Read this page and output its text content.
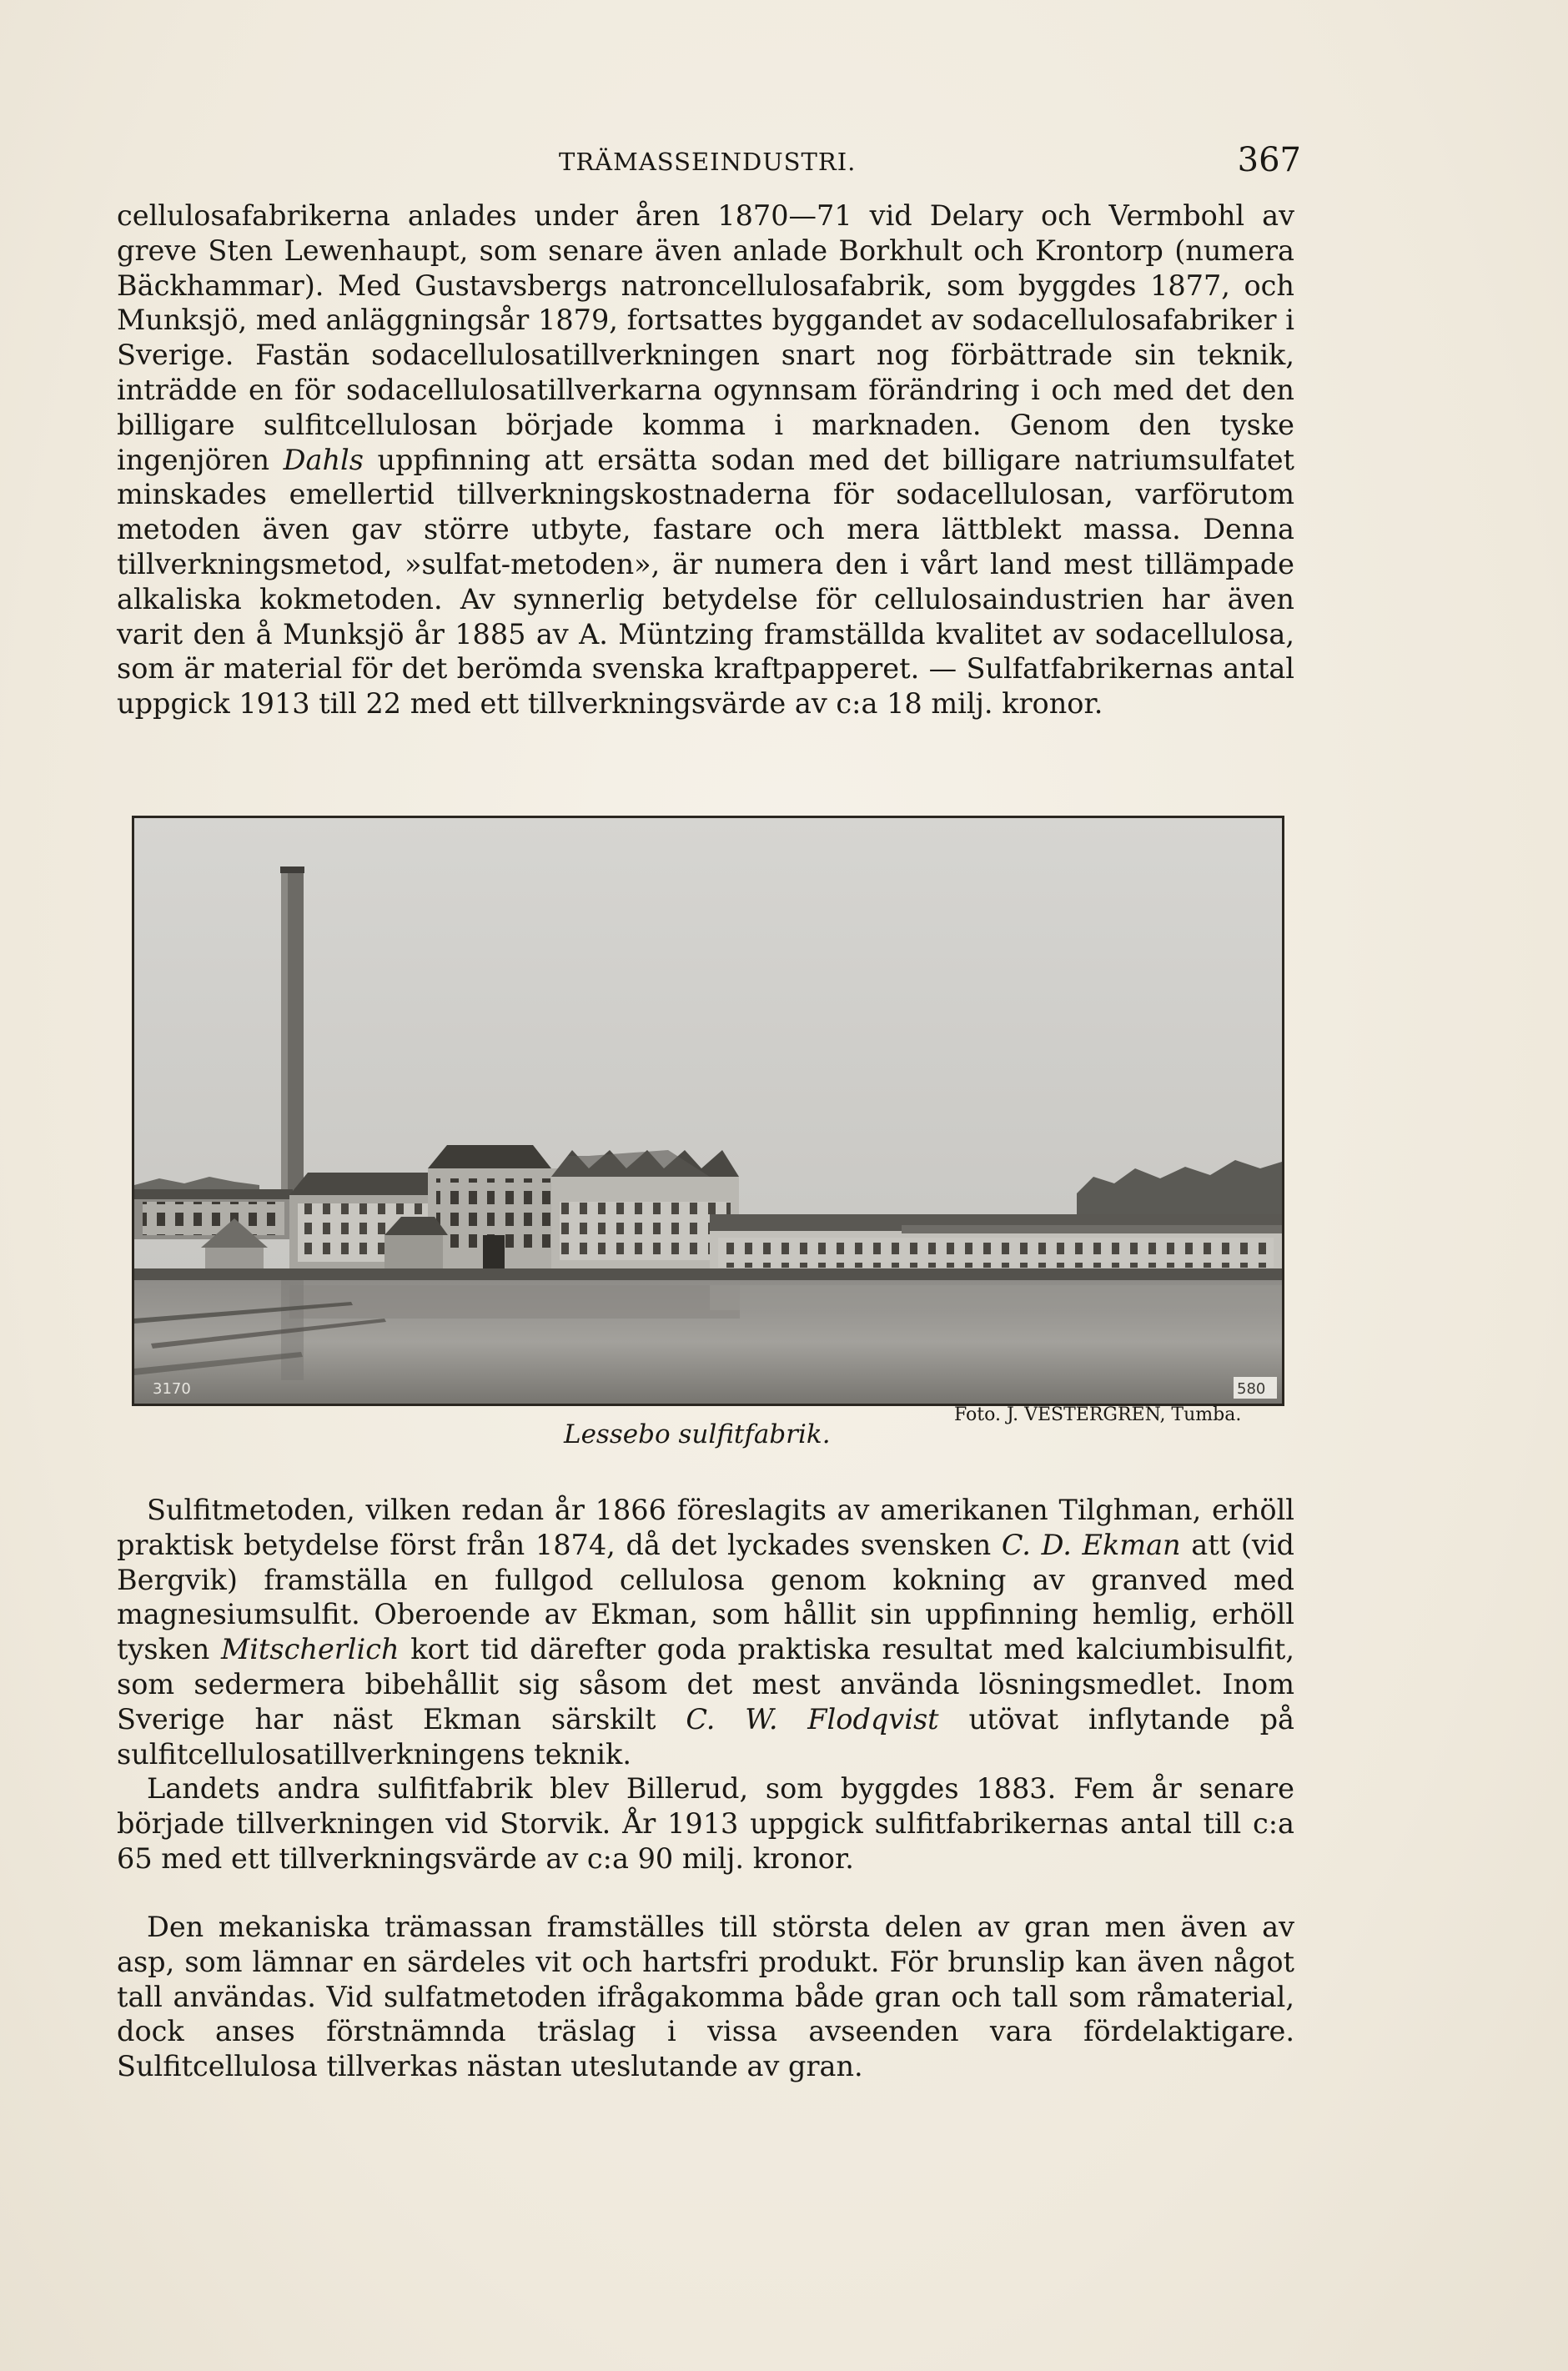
TRÄMASSEINDUSTRI.	367

cellulosafabrikerna anlades under åren 1870—71 vid Delary och Vermbohl av greve Sten Lewenhaupt, som senare även anlade Borkhult och Krontorp (numera Bäckhammar). Med Gustavsbergs natroncellulosafabrik, som byggdes 1877, och Munksjö, med anläggningsår 1879, fortsattes byggandet av sodacellulosafabriker i Sverige. Fastän sodacellulosatillverkningen snart nog förbättrade sin teknik, inträdde en för sodacellulosatillverkarna ogynnsam förändring i och med det den billigare sulfitcellulosan började komma i marknaden. Genom den tyske ingenjören Dahls uppfinning att ersätta sodan med det billigare natriumsulfatet minskades emellertid tillverkningskostnaderna för sodacellulosan, varförutom metoden även gav större utbyte, fastare och mera lättblekt massa. Denna tillverkningsmetod, »sulfat-metoden», är numera den i vårt land mest tillämpade alkaliska kokmetoden. Av synnerlig betydelse för cellulosaindustrien har även varit den å Munksjö år 1885 av A. Müntzing framställda kvalitet av sodacellulosa, som är material för det berömda svenska kraftpapperet. — Sulfatfabrikernas antal uppgick 1913 till 22 med ett tillverkningsvärde av c:a 18 milj. kronor.

3170	580
Foto. J. VESTERGREN, Tumba.
Lessebo sulfitfabrik.

Sulfitmetoden, vilken redan år 1866 föreslagits av amerikanen Tilghman, erhöll praktisk betydelse först från 1874, då det lyckades svensken C. D. Ekman att (vid Bergvik) framställa en fullgod cellulosa genom kokning av granved med magnesiumsulfit. Oberoende av Ekman, som hållit sin uppfinning hemlig, erhöll tysken Mitscherlich kort tid därefter goda praktiska resultat med kalciumbisulfit, som sedermera bibehållit sig såsom det mest använda lösningsmedlet. Inom Sverige har näst Ekman särskilt C. W. Flodqvist utövat inflytande på sulfitcellulosatillverkningens teknik.

Landets andra sulfitfabrik blev Billerud, som byggdes 1883. Fem år senare började tillverkningen vid Storvik. År 1913 uppgick sulfitfabrikernas antal till c:a 65 med ett tillverkningsvärde av c:a 90 milj. kronor.

Den mekaniska trämassan framställes till största delen av gran men även av asp, som lämnar en särdeles vit och hartsfri produkt. För brunslip kan även något tall användas. Vid sulfatmetoden ifrågakomma både gran och tall som råmaterial, dock anses förstnämnda träslag i vissa avseenden vara fördelaktigare. Sulfitcellulosa tillverkas nästan uteslutande av gran.
